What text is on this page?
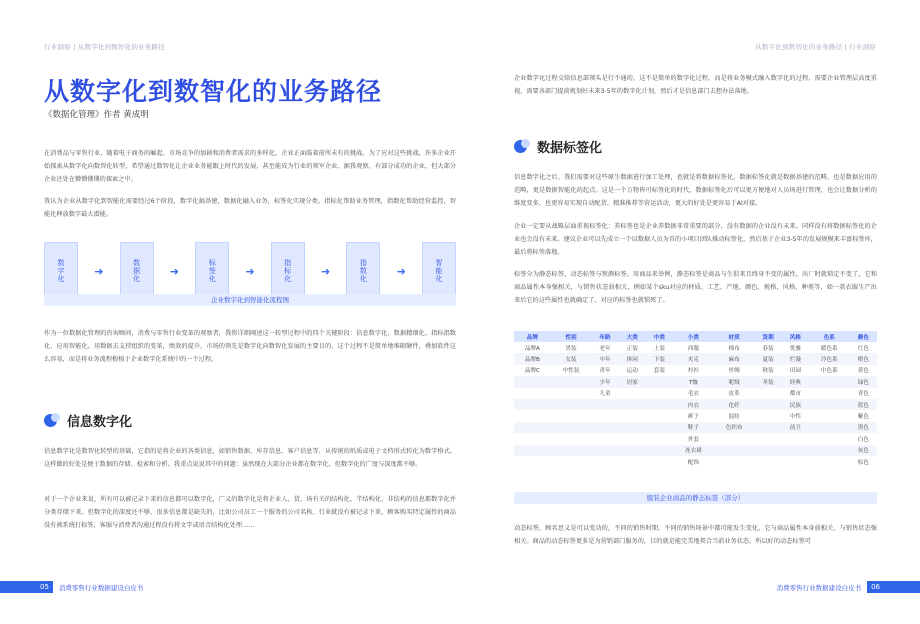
行业洞察 | 从数字化到数智化的业务路径	从数字化到数智化的业务路径 | 行业洞察
从数字化到数智化的业务路径
《数据化管理》作者 黄成明
在消费品与零售行业，随着电子商务的崛起、市场竞争的加剧和消费者需求的多样化，企业正面临着前所未有的挑战。为了应对这些挑战，许多企业开始探索从数字化向数智化转型，希望通过数智化让企业业务能跟上时代的发展，甚至能成为行业的领军企业。据我观察，有部分成功的企业，但大部分企业还处在懵懵懂懂的探索之中。
我认为企业从数字化到智能化需要经过6个阶段，数字化搞基建，数据化融入业务，标签化实现分类，指标化帮助业务管理，指数化帮助经营监控，智能化释放数字最大潜能。
数字化	➜	数据化	➜	标签化	➜	指标化	➜	指数化	➜	智能化
企业数字化到智能化流程图
作为一位数据化管理的咨询顾问，消费与零售行业变革的观察者，我将详细阐述这一转型过程中的四个关键阶段：信息数字化、数据精细化、指标指数化、应用智能化。用数据去支持组织的变革，绩效的提升，市场的领先是数字化向数智化发展的主要目的，这个过程不是简单地堆砌硬件，叠加软件这么容易，而是将业务流程根植于企业数字化系统中的一个过程。
信息数字化
信息数字化是数智化转型的基础，它指的是将企业的各类信息，如销售数据、库存信息、客户信息等，从传统的纸质或电子文档形式转化为数字格式。这样做的好处是便于数据的存储、检索和分析。我重点说说其中的问题：虽然现在大部分企业都在数字化，但数字化的广度与深度都不够。
对于一个企业来说，所有可以被记录下来的信息都可以数字化，广义的数字化是将企业人、货、场有关的结构化、半结构化、非结构的信息都数字化并分类存储下来。但数字化的深度还不够，很多信息都是缺失的，比如公司员工一个服务的公司名称、行业就没有被记录下来，顾客购买特定属性的商品没有被系统打标签，客服与消费者沟通过程没有将文字或语音结构化处理……
企业数字化过程交给信息部领头是行不通的，这不是简单的数字化过程，而是将业务模式融入数字化的过程，需要企业管理层高度重视，需要各部门提前规划好未来3-5年的数字化计划，然后才是信息部门去想办法落地。
数据标签化
信息数字化之后，我们需要对这些原生数据进行加工处理，也就是将数据标签化，数据标签化就是数据基建的范畴，也是数据应用的范畴，更是数据智能化的起点。这是一个万物皆可标签化的时代，数据标签化后可以更方便地对人员场进行管理，也会让数据分析的维度变多，也更容易实现自动配货、精准推荐等营运活动，更大的好处是更容易于AI对接。
企业一定要从战略层面重视标签化：养标签也是企业养数据非常重要的部分，没有数据的企业没有未来。同样没有将数据标签化的企业也会没有未来。建议企业可以先成立一个以数据人员为首的小项目团队推动标签化，然后基于企业3-5年的发展规模来丰富标签库，最后将标签落地。
标签分为静态标签、动态标签与预测标签。用商品来举例，静态标签是商品与生俱来且终身不变的属性，出厂时就锁定不变了，它和商品属性本身强相关，与销售状态弱相关，例如某个sku对应的材质、工艺、产地、颜色、规格、风格、种类等，如一款衣服生产出来后它的这些属性也就确定了，对应的标签也就锁死了。
品牌	性别	年龄	大类	中类	小类	材质	货期	风格	色系	颜色
品牌A	男装	老年	正装	上装	西服	棉布	春装	优雅	暖色系	红色
品牌B	女装	中年	休闲	下装	夹克	麻布	夏装	烂漫	冷色系	橙色
品牌C	中性装	青年	运动	套装	衬衫	丝绸	秋装	田园	中色系	黄色
		少年	居家		T恤	呢绒	冬装	经典		绿色
		儿童			毛衣	皮革		都市		青色
					内衣	化纤		民族		蓝色
					裤子	混纺		中性		紫色
					鞋子	色织布		前卫		黑色
					外套					白色
					连衣裙					灰色
					配饰					棕色
服装企业商品的静态标签（部分）
动态标签，顾名思义是可以变动的，不同的销售时期、不同的销售场景中都可能发生变化，它与商品属性本身弱相关，与销售状态强相关。商品的动态标签更多是为营销部门服务的，目的就是能完美地契合当前业务状态。所以好的动态标签可
05	消费零售行业数据建设白皮书	消费零售行业数据建设白皮书	06
